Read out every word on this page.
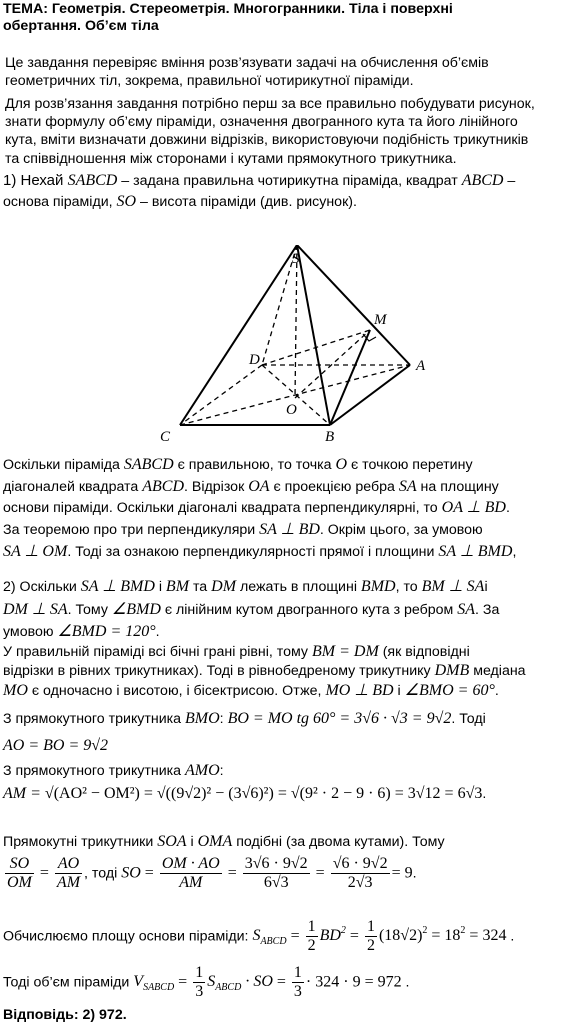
ТЕМА: Геометрія. Стереометрія. Многогранники. Тіла і поверхні
обертання. Об’єм тіла
Це завдання перевіряє вміння розв’язувати задачі на обчислення об’ємів
геометричних тіл, зокрема, правильної чотирикутної піраміди.
Для розв’язання завдання потрібно перш за все правильно побудувати рисунок,
знати формулу об’єму піраміди, означення двогранного кута та його лінійного
кута, вміти визначати довжини відрізків, використовуючи подібність трикутників
та співвідношення між сторонами і кутами прямокутного трикутника.
1) Нехай SABCD – задана правильна чотирикутна піраміда, квадрат ABCD –
основа піраміди, SO – висота піраміди (див. рисунок).
S
M
D	A
O
C	B
Оскільки піраміда SABCD є правильною, то точка O є точкою перетину
діагоналей квадрата ABCD. Відрізок OA є проекцією ребра SA на площину
основи піраміди. Оскільки діагоналі квадрата перпендикулярні, то OA ⊥ BD.
За теоремою про три перпендикуляри SA ⊥ BD. Окрім цього, за умовою
SA ⊥ OM. Тоді за ознакою перпендикулярності прямої і площини SA ⊥ BMD,
2) Оскільки SA ⊥ BMD і BM та DM лежать в площині BMD, то BM ⊥ SAі
DM ⊥ SA. Тому ∠BMD є лінійним кутом двогранного кута з ребром SA. За
умовою ∠BMD = 120°.
У правильній піраміді всі бічні грані рівні, тому BM = DM (як відповідні
відрізки в рівних трикутниках). Тоді в рівнобедреному трикутнику DMB медіана
MO є одночасно і висотою, і бісектрисою. Отже, MO ⊥ BD і ∠BMO = 60°.
З прямокутного трикутника BMO: BO = MO tg 60° = 3√6 · √3 = 9√2. Тоді
AO = BO = 9√2
З прямокутного трикутника AMO:
AM = √(AO² − OM²) = √((9√2)² − (3√6)²) = √(9² · 2 − 9 · 6) = 3√12 = 6√3.
Прямокутні трикутники SOA і OMA подібні (за двома кутами). Тому
$\frac{SO}{OM} = \frac{AO}{AM}$ , тоді SO = $\frac{OM \cdot AO}{AM} = \frac{3√6 \cdot 9√2}{6√3} = \frac{√6 \cdot 9√2}{2√3} = 9$.
Обчислюємо площу основи піраміди: $S_{ABCD} = \frac{1}{2} BD^2 = \frac{1}{2} (18√2)^2 = 18^2 = 324$ .
Тоді об’єм піраміди $V_{SABCD} = \frac{1}{3} S_{ABCD}$ · SO = $\frac{1}{3} \cdot 324 \cdot 9 = 972$ .
Відповідь: 2) 972.
